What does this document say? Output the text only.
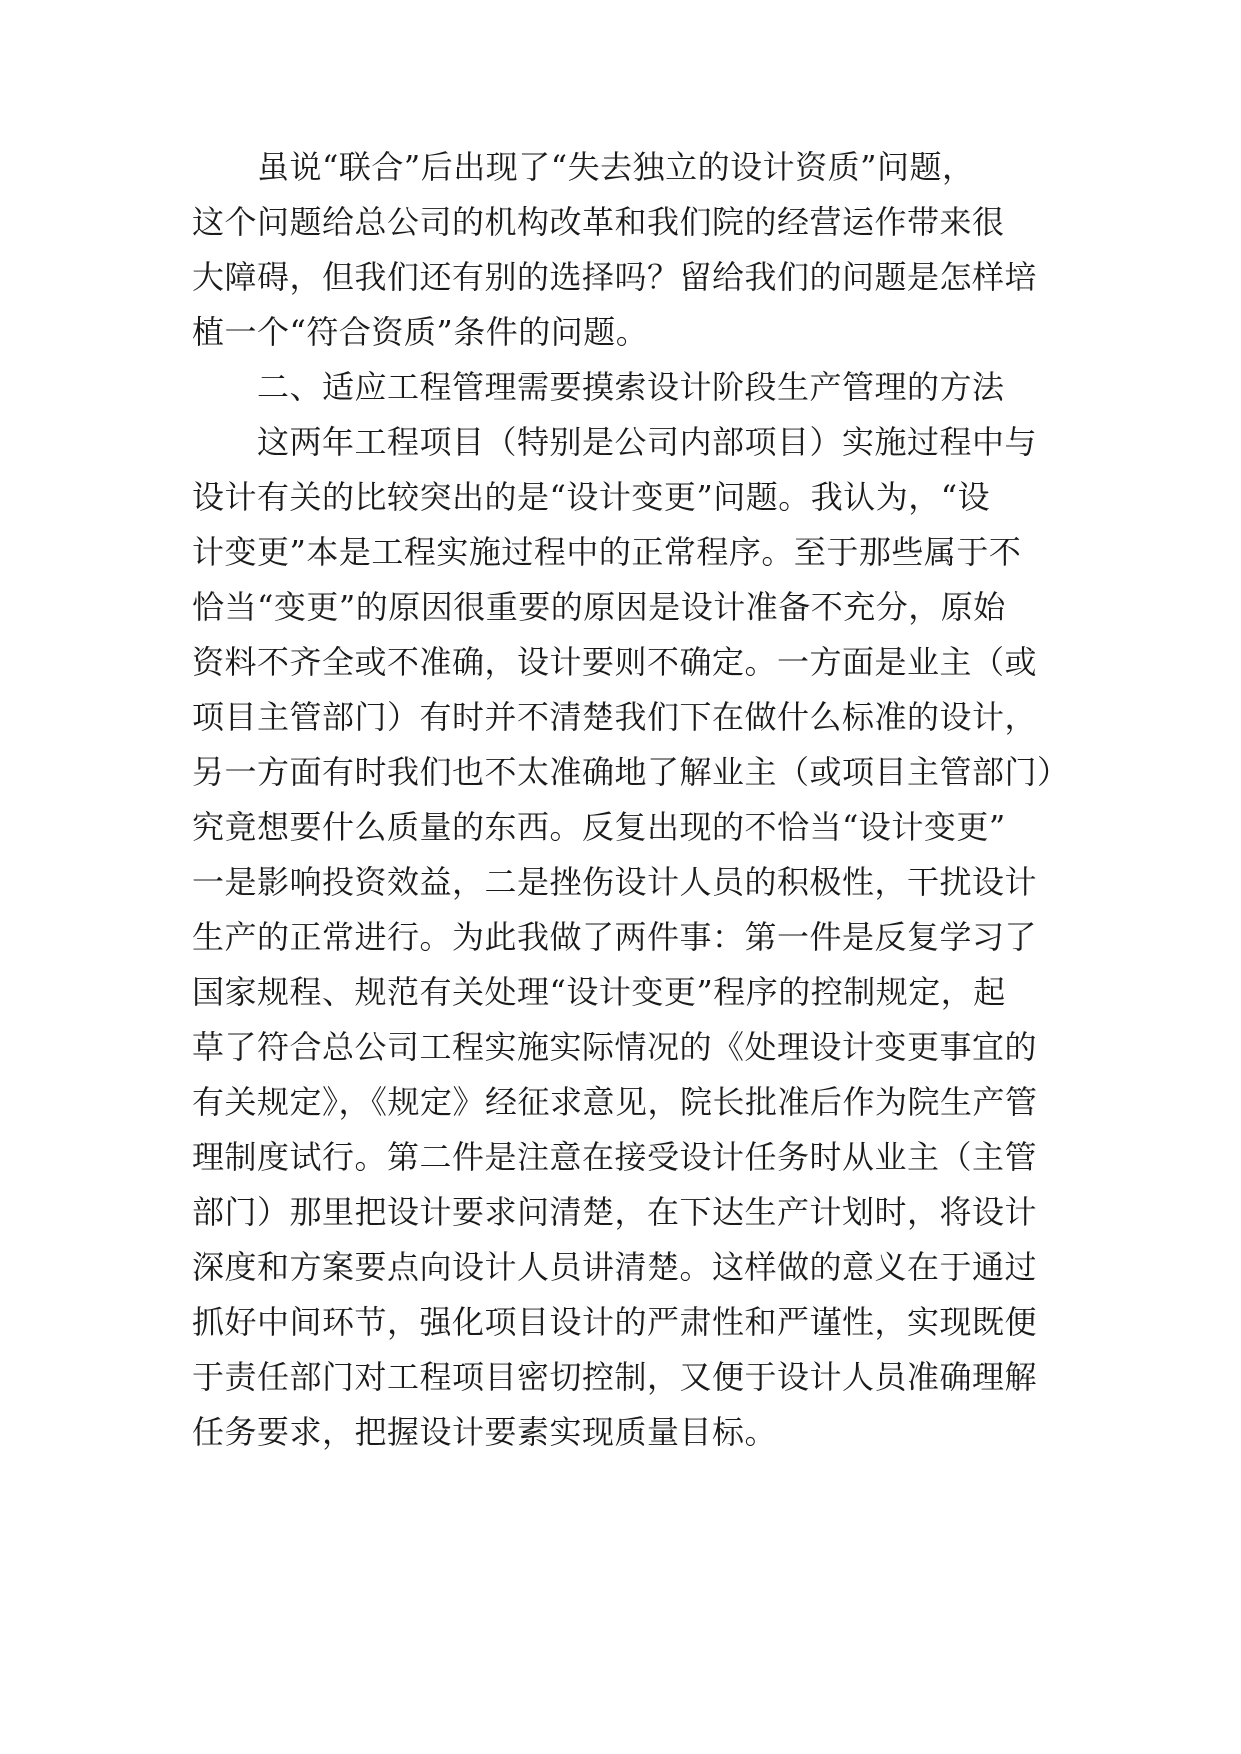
虽说“联合”后出现了“失去独立的设计资质”问题，
这个问题给总公司的机构改革和我们院的经营运作带来很
大障碍，但我们还有别的选择吗？留给我们的问题是怎样培
植一个“符合资质”条件的问题。
二、适应工程管理需要摸索设计阶段生产管理的方法
这两年工程项目（特别是公司内部项目）实施过程中与
设计有关的比较突出的是“设计变更”问题。我认为，“设
计变更”本是工程实施过程中的正常程序。至于那些属于不
恰当“变更”的原因很重要的原因是设计准备不充分，原始
资料不齐全或不准确，设计要则不确定。一方面是业主（或
项目主管部门）有时并不清楚我们下在做什么标准的设计，
另一方面有时我们也不太准确地了解业主（或项目主管部门）
究竟想要什么质量的东西。反复出现的不恰当“设计变更”
一是影响投资效益，二是挫伤设计人员的积极性，干扰设计
生产的正常进行。为此我做了两件事：第一件是反复学习了
国家规程、规范有关处理“设计变更”程序的控制规定，起
草了符合总公司工程实施实际情况的《处理设计变更事宜的
有关规定》，《规定》经征求意见，院长批准后作为院生产管
理制度试行。第二件是注意在接受设计任务时从业主（主管
部门）那里把设计要求问清楚，在下达生产计划时，将设计
深度和方案要点向设计人员讲清楚。这样做的意义在于通过
抓好中间环节，强化项目设计的严肃性和严谨性，实现既便
于责任部门对工程项目密切控制，又便于设计人员准确理解
任务要求，把握设计要素实现质量目标。
